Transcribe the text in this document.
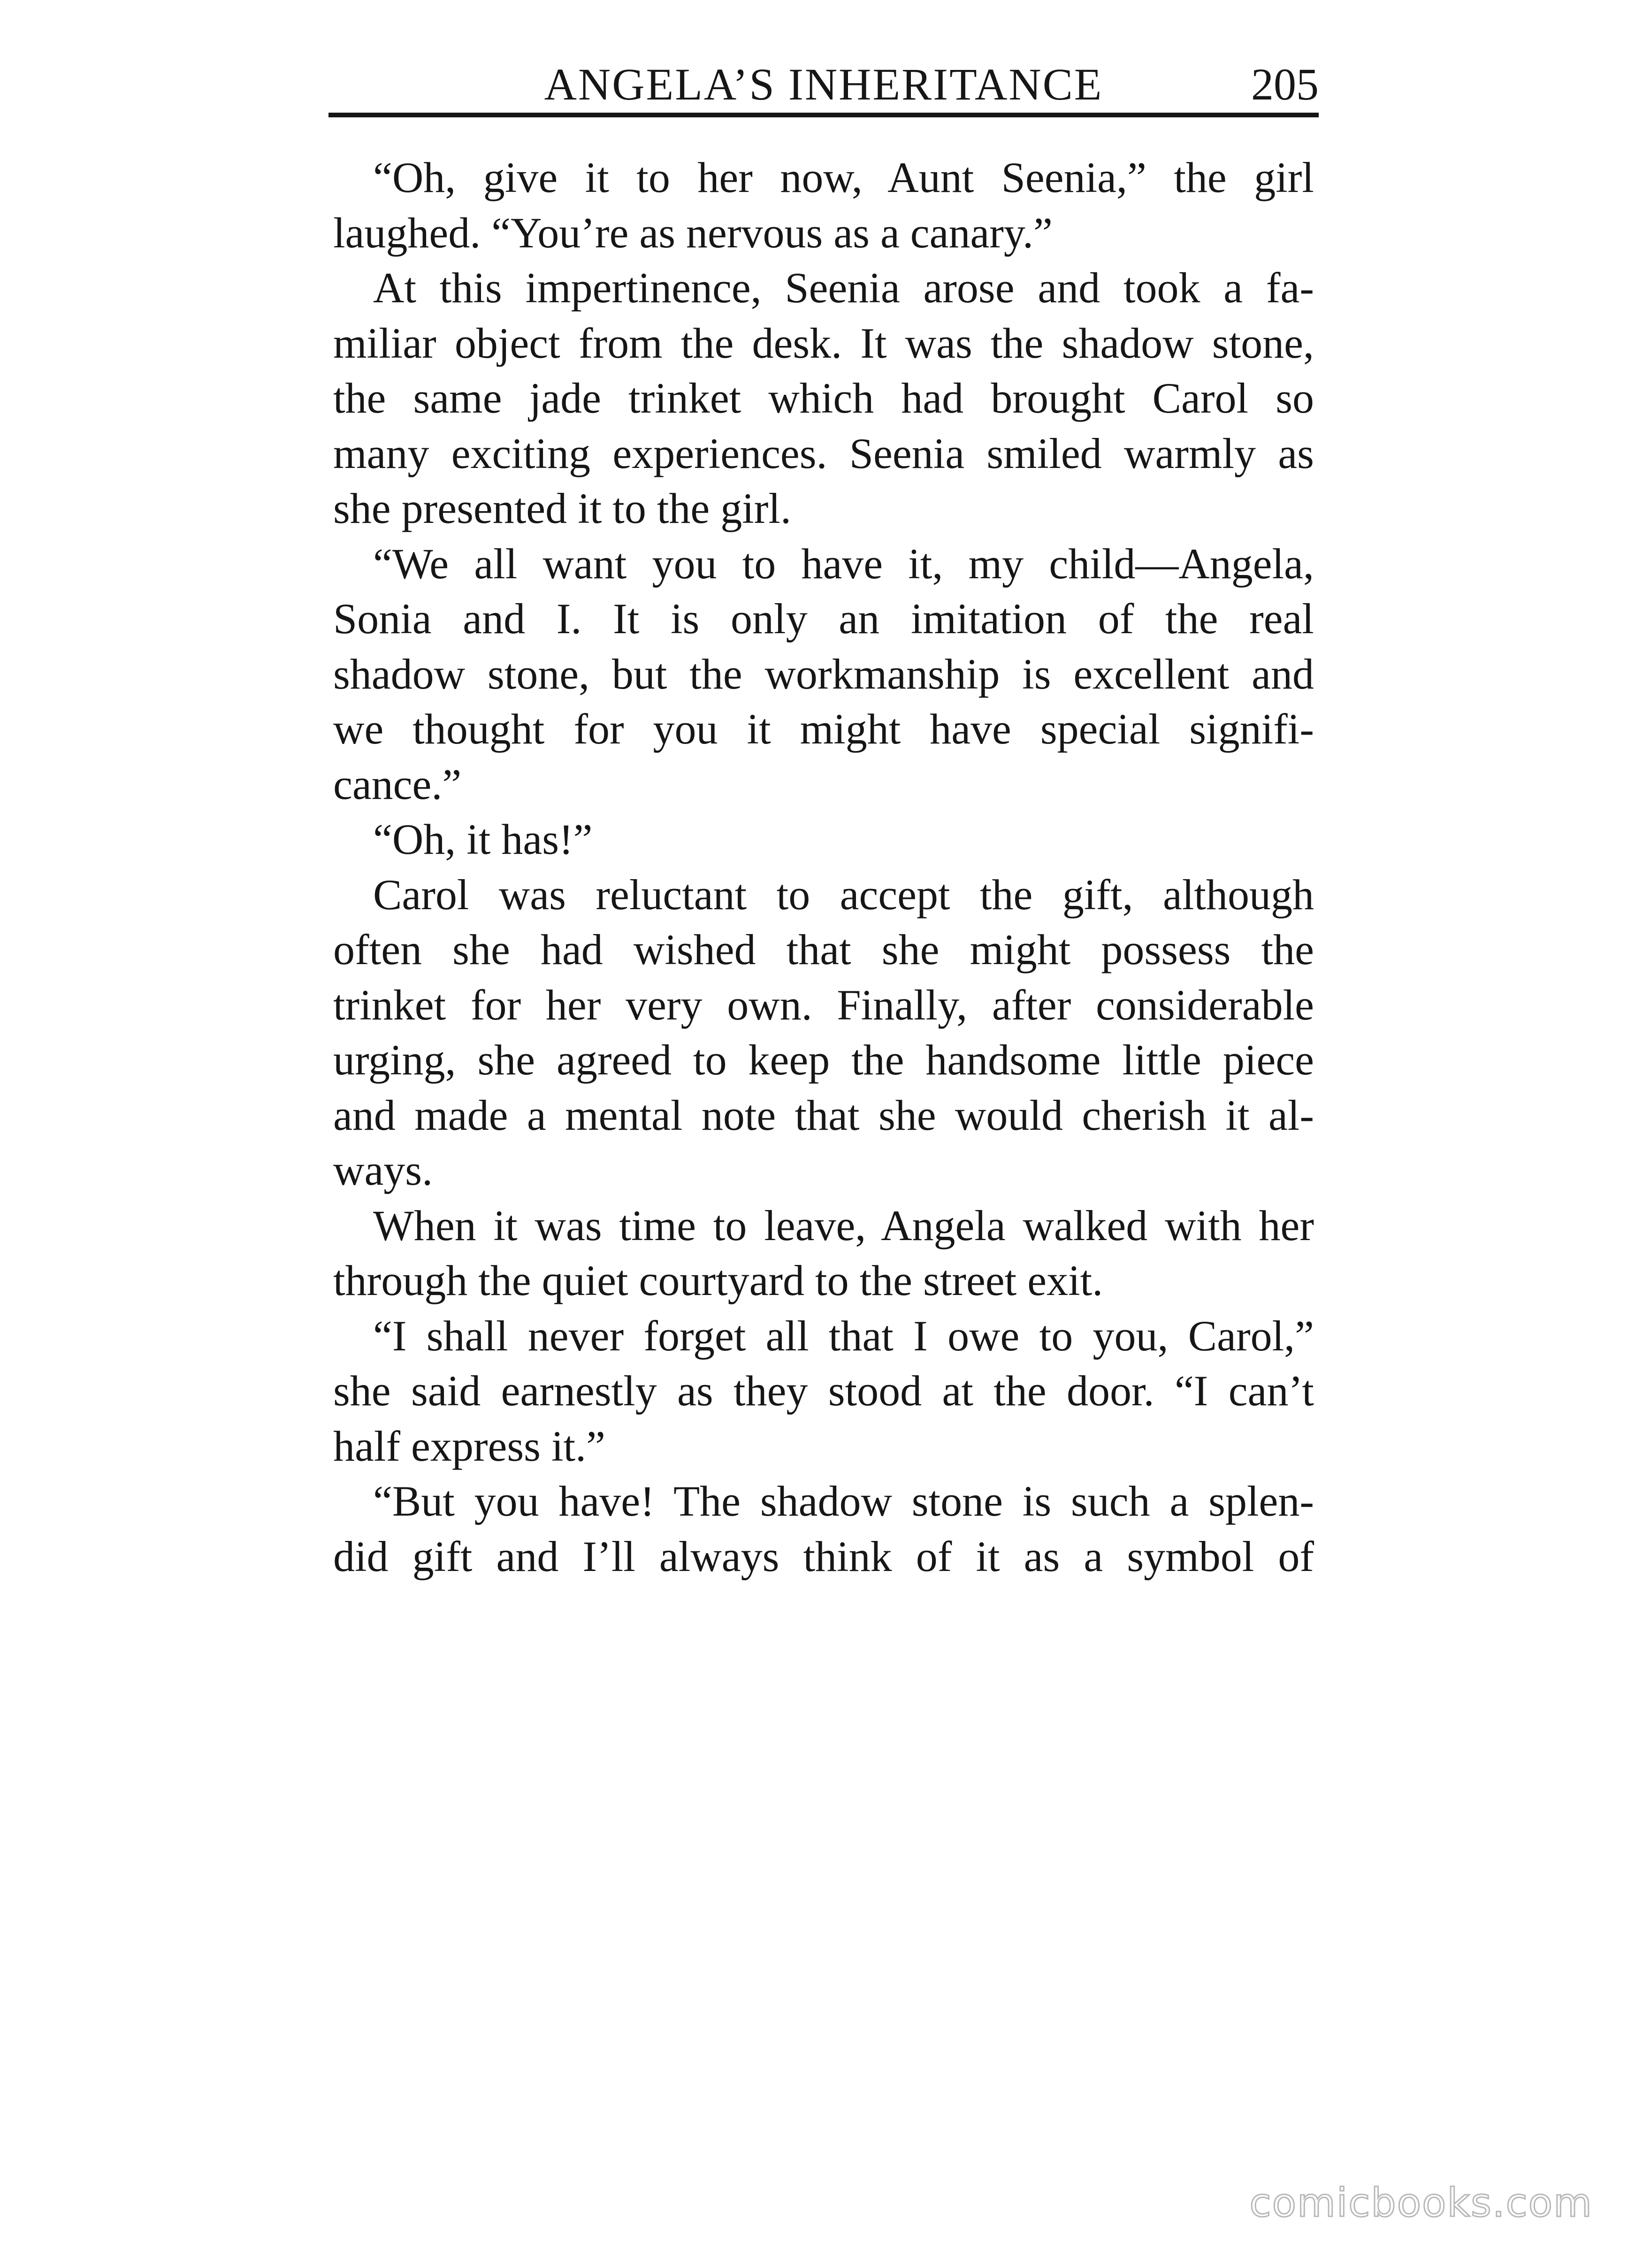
ANGELA’S INHERITANCE	205
“Oh, give it to her now, Aunt Seenia,” the girl
laughed. “You’re as nervous as a canary.”
At this impertinence, Seenia arose and took a fa-
miliar object from the desk. It was the shadow stone,
the same jade trinket which had brought Carol so
many exciting experiences. Seenia smiled warmly as
she presented it to the girl.
“We all want you to have it, my child—Angela,
Sonia and I. It is only an imitation of the real
shadow stone, but the workmanship is excellent and
we thought for you it might have special signifi-
cance.”
“Oh, it has!”
Carol was reluctant to accept the gift, although
often she had wished that she might possess the
trinket for her very own. Finally, after considerable
urging, she agreed to keep the handsome little piece
and made a mental note that she would cherish it al-
ways.
When it was time to leave, Angela walked with her
through the quiet courtyard to the street exit.
“I shall never forget all that I owe to you, Carol,”
she said earnestly as they stood at the door. “I can’t
half express it.”
“But you have! The shadow stone is such a splen-
did gift and I’ll always think of it as a symbol of
comicbooks.com
